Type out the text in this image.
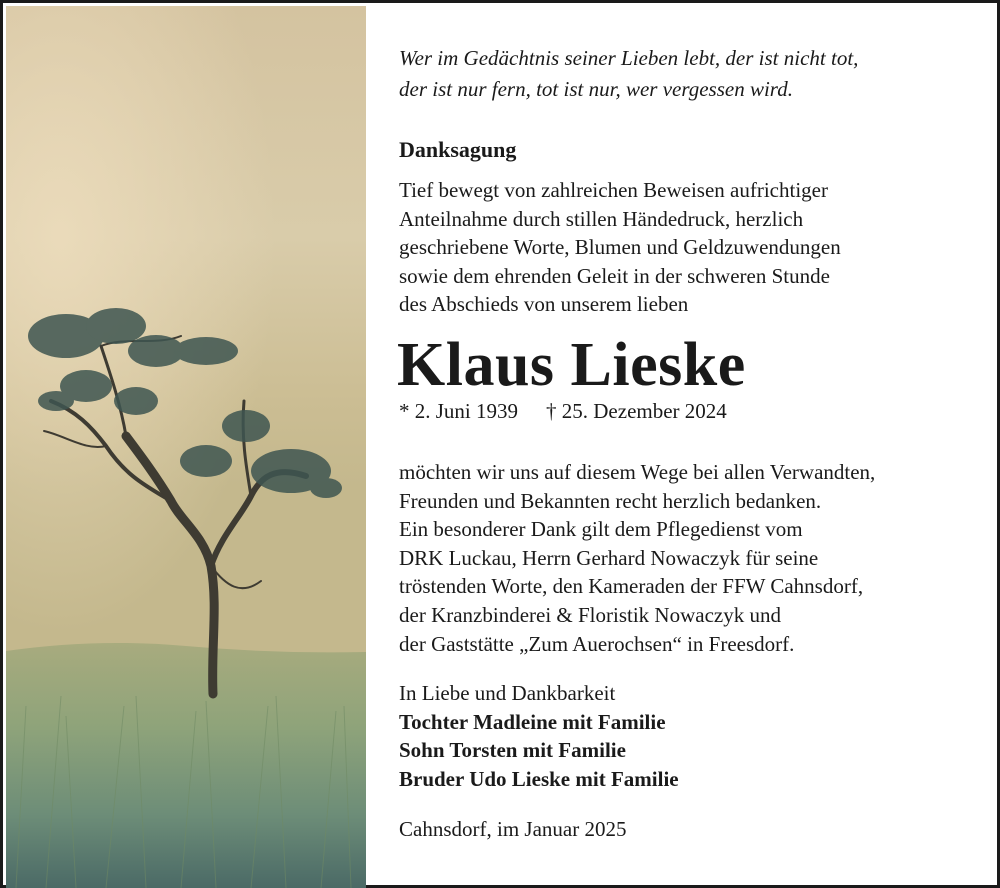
Wer im Gedächtnis seiner Lieben lebt, der ist nicht tot,
der ist nur fern, tot ist nur, wer vergessen wird.

Danksagung

Tief bewegt von zahlreichen Beweisen aufrichtiger
Anteilnahme durch stillen Händedruck, herzlich
geschriebene Worte, Blumen und Geldzuwendungen
sowie dem ehrenden Geleit in der schweren Stunde
des Abschieds von unserem lieben

Klaus Lieske

* 2. Juni 1939 † 25. Dezember 2024

möchten wir uns auf diesem Wege bei allen Verwandten,
Freunden und Bekannten recht herzlich bedanken.
Ein besonderer Dank gilt dem Pflegedienst vom
DRK Luckau, Herrn Gerhard Nowaczyk für seine
tröstenden Worte, den Kameraden der FFW Cahnsdorf,
der Kranzbinderei & Floristik Nowaczyk und
der Gaststätte „Zum Auerochsen“ in Freesdorf.

In Liebe und Dankbarkeit

Tochter Madleine mit Familie

Sohn Torsten mit Familie

Bruder Udo Lieske mit Familie

Cahnsdorf, im Januar 2025
